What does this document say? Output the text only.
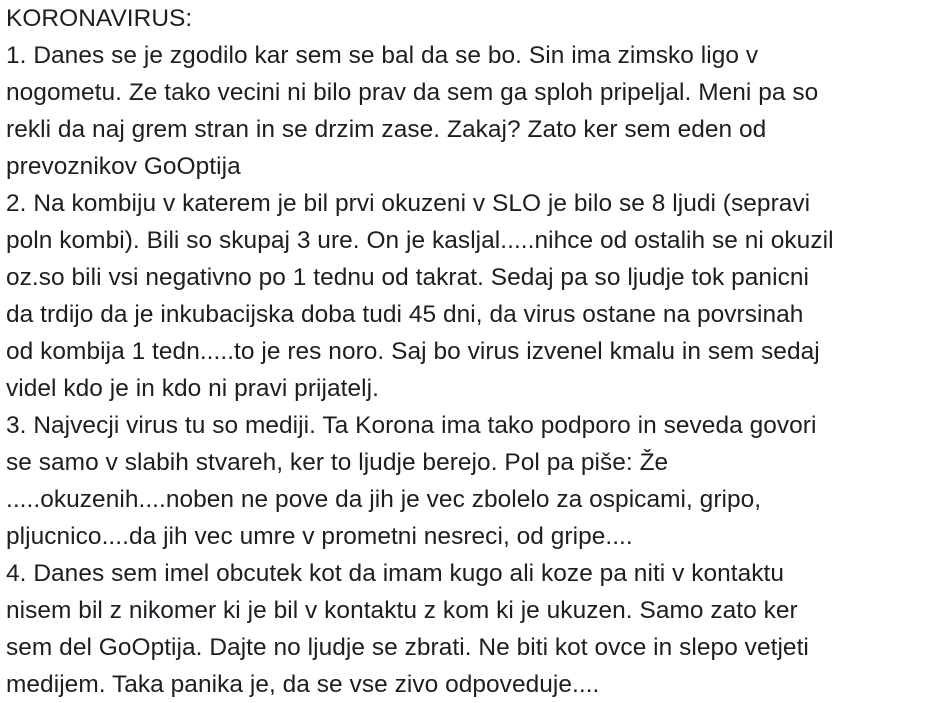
KORONAVIRUS:
1. Danes se je zgodilo kar sem se bal da se bo. Sin ima zimsko ligo v
nogometu. Ze tako vecini ni bilo prav da sem ga sploh pripeljal. Meni pa so
rekli da naj grem stran in se drzim zase. Zakaj? Zato ker sem eden od
prevoznikov GoOptija
2. Na kombiju v katerem je bil prvi okuzeni v SLO je bilo se 8 ljudi (sepravi
poln kombi). Bili so skupaj 3 ure. On je kasljal.....nihce od ostalih se ni okuzil
oz.so bili vsi negativno po 1 tednu od takrat. Sedaj pa so ljudje tok panicni
da trdijo da je inkubacijska doba tudi 45 dni, da virus ostane na povrsinah
od kombija 1 tedn.....to je res noro. Saj bo virus izvenel kmalu in sem sedaj
videl kdo je in kdo ni pravi prijatelj.
3. Najvecji virus tu so mediji. Ta Korona ima tako podporo in seveda govori
se samo v slabih stvareh, ker to ljudje berejo. Pol pa piše: Že
.....okuzenih....noben ne pove da jih je vec zbolelo za ospicami, gripo,
pljucnico....da jih vec umre v prometni nesreci, od gripe....
4. Danes sem imel obcutek kot da imam kugo ali koze pa niti v kontaktu
nisem bil z nikomer ki je bil v kontaktu z kom ki je ukuzen. Samo zato ker
sem del GoOptija. Dajte no ljudje se zbrati. Ne biti kot ovce in slepo vetjeti
medijem. Taka panika je, da se vse zivo odpoveduje....
